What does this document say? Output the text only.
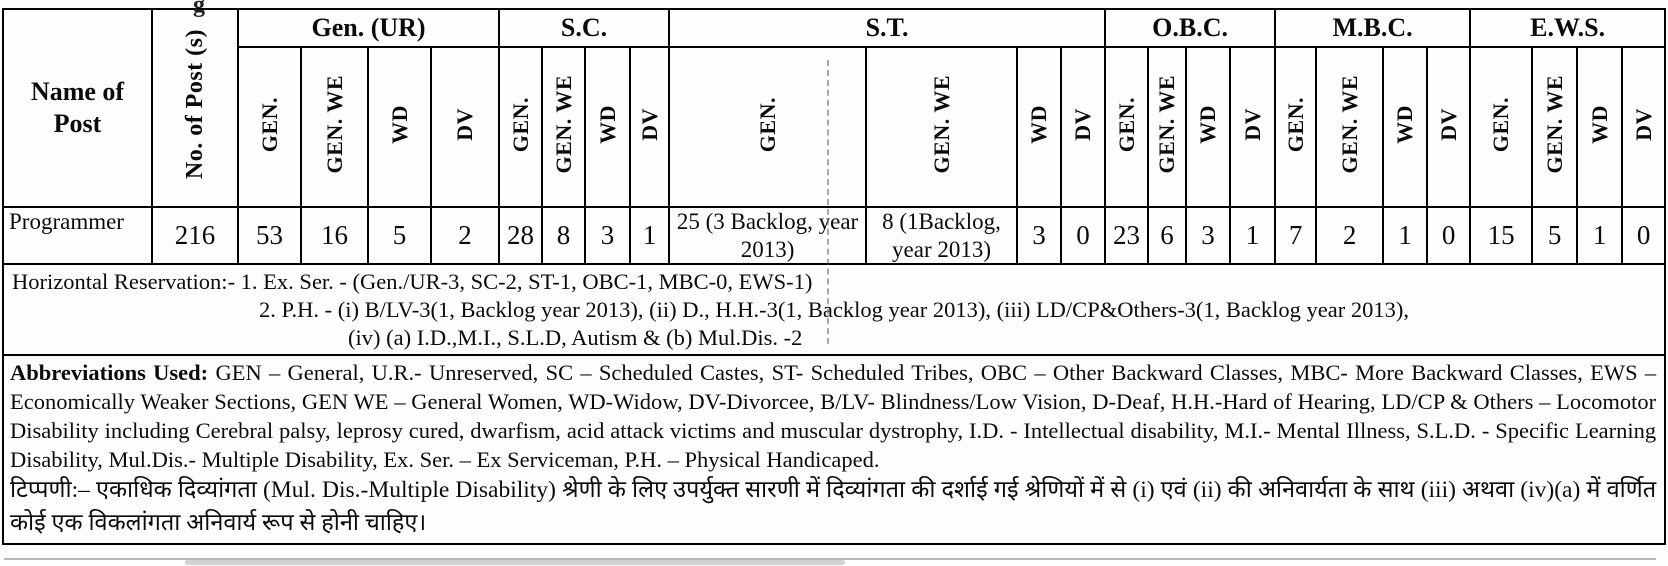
g
Name of Post	No. of Post (s)	Gen. (UR)				S.C.				S.T.				O.B.C.				M.B.C.				E.W.S.			
		GEN.	GEN. WE	WD	DV	GEN.	GEN. WE	WD	DV	GEN.	GEN. WE	WD	DV	GEN.	GEN. WE	WD	DV	GEN.	GEN. WE	WD	DV	GEN.	GEN. WE	WD	DV
Programmer	216	53	16	5	2	28	8	3	1	25 (3 Backlog, year 2013)	8 (1Backlog, year 2013)	3	0	23	6	3	1	7	2	1	0	15	5	1	0

Horizontal Reservation:- 1. Ex. Ser. - (Gen./UR-3, SC-2, ST-1, OBC-1, MBC-0, EWS-1)
2. P.H. - (i) B/LV-3(1, Backlog year 2013), (ii) D., H.H.-3(1, Backlog year 2013), (iii) LD/CP&Others-3(1, Backlog year 2013),
(iv) (a) I.D.,M.I., S.L.D, Autism & (b) Mul.Dis. -2																									

Abbreviations Used: GEN – General, U.R.- Unreserved, SC – Scheduled Castes, ST- Scheduled Tribes, OBC – Other Backward Classes, MBC- More Backward Classes, EWS – Economically Weaker Sections, GEN WE – General Women, WD-Widow, DV-Divorcee, B/LV- Blindness/Low Vision, D-Deaf, H.H.-Hard of Hearing, LD/CP & Others – Locomotor Disability including Cerebral palsy, leprosy cured, dwarfism, acid attack victims and muscular dystrophy, I.D. - Intellectual disability, M.I.- Mental Illness, S.L.D. - Specific Learning Disability, Mul.Dis.- Multiple Disability, Ex. Ser. – Ex Serviceman, P.H. – Physical Handicaped.
टिप्पणी:– एकाधिक दिव्यांगता (Mul. Dis.-Multiple Disability) श्रेणी के लिए उपर्युक्त सारणी में दिव्यांगता की दर्शाई गई श्रेणियों में से (i) एवं (ii) की अनिवार्यता के साथ (iii) अथवा (iv)(a) में वर्णित कोई एक विकलांगता अनिवार्य रूप से होनी चाहिए।																									
